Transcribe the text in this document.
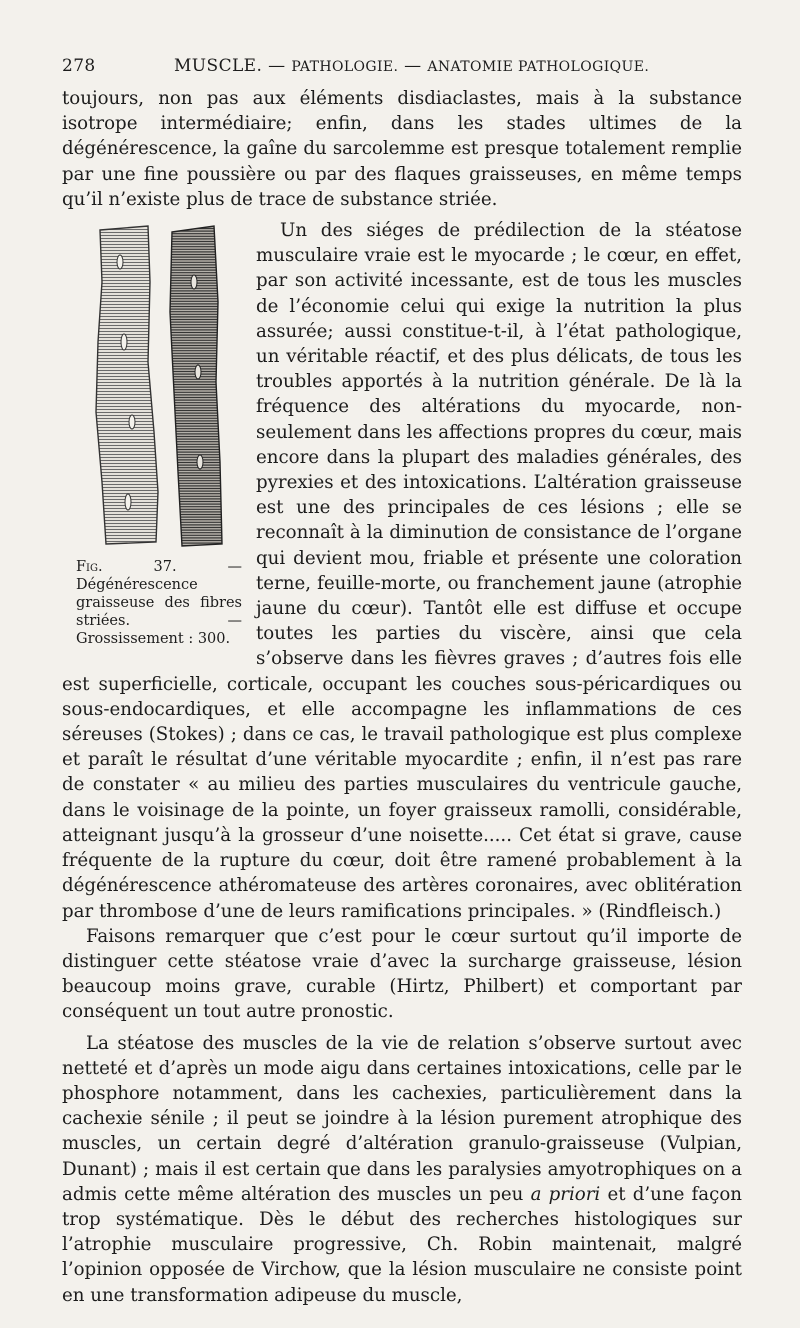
278	MUSCLE. — PATHOLOGIE. — ANATOMIE PATHOLOGIQUE.

toujours, non pas aux éléments disdiaclastes, mais à la substance isotrope intermédiaire; enfin, dans les stades ultimes de la dégénérescence, la gaîne du sarcolemme est presque totalement remplie par une fine poussière ou par des flaques graisseuses, en même temps qu’il n’existe plus de trace de substance striée.

Fig. 37. — Dégénérescence graisseuse des fibres striées. — Grossissement : 300.

Un des siéges de prédilection de la stéatose musculaire vraie est le myocarde ; le cœur, en effet, par son activité incessante, est de tous les muscles de l’économie celui qui exige la nutrition la plus assurée; aussi constitue-t-il, à l’état pathologique, un véritable réactif, et des plus délicats, de tous les troubles apportés à la nutrition générale. De là la fréquence des altérations du myocarde, non-seulement dans les affections propres du cœur, mais encore dans la plupart des maladies générales, des pyrexies et des intoxications. L’altération graisseuse est une des principales de ces lésions ; elle se reconnaît à la diminution de consistance de l’organe qui devient mou, friable et présente une coloration terne, feuille-morte, ou franchement jaune (atrophie jaune du cœur). Tantôt elle est diffuse et occupe toutes les parties du viscère, ainsi que cela s’observe dans les fièvres graves ; d’autres fois elle est superficielle, corticale, occupant les couches sous-péricardiques ou sous-endocardiques, et elle accompagne les inflammations de ces séreuses (Stokes) ; dans ce cas, le travail pathologique est plus complexe et paraît le résultat d’une véritable myocardite ; enfin, il n’est pas rare de constater « au milieu des parties musculaires du ventricule gauche, dans le voisinage de la pointe, un foyer graisseux ramolli, considérable, atteignant jusqu’à la grosseur d’une noisette..... Cet état si grave, cause fréquente de la rupture du cœur, doit être ramené probablement à la dégénérescence athéromateuse des artères coronaires, avec oblitération par thrombose d’une de leurs ramifications principales. » (Rindfleisch.)

Faisons remarquer que c’est pour le cœur surtout qu’il importe de distinguer cette stéatose vraie d’avec la surcharge graisseuse, lésion beaucoup moins grave, curable (Hirtz, Philbert) et comportant par conséquent un tout autre pronostic.

La stéatose des muscles de la vie de relation s’observe surtout avec netteté et d’après un mode aigu dans certaines intoxications, celle par le phosphore notamment, dans les cachexies, particulièrement dans la cachexie sénile ; il peut se joindre à la lésion purement atrophique des muscles, un certain degré d’altération granulo-graisseuse (Vulpian, Dunant) ; mais il est certain que dans les paralysies amyotrophiques on a admis cette même altération des muscles un peu a priori et d’une façon trop systématique. Dès le début des recherches histologiques sur l’atrophie musculaire progressive, Ch. Robin maintenait, malgré l’opinion opposée de Virchow, que la lésion musculaire ne consiste point en une transformation adipeuse du muscle,
